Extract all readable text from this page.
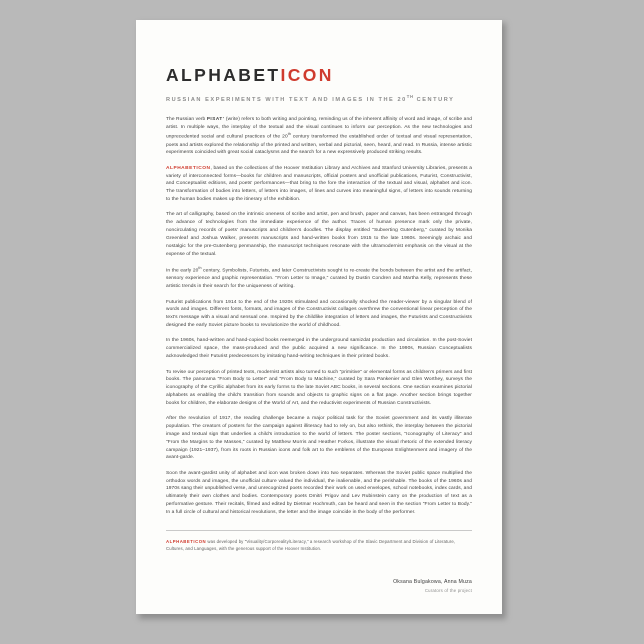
ALPHABETICON
RUSSIAN EXPERIMENTS WITH TEXT AND IMAGES IN THE 20TH CENTURY

The Russian verb PISAT' (write) refers to both writing and pointing, reminding us of the inherent affinity of word and image, of scribe and artist. In multiple ways, the interplay of the textual and the visual continues to inform our perception. As the new technologies and unprecedented social and cultural practices of the 20th century transformed the established order of textual and visual representation, poets and artists explored the relationship of the printed and written, verbal and pictorial, seen, heard, and read. In Russia, intense artistic experiments coincided with great social cataclysms and the search for a new expressively produced striking results.

ALPHABETICON, based on the collections of the Hoover Institution Library and Archives and Stanford University Libraries, presents a variety of interconnected forms—books for children and manuscripts, official posters and unofficial publications, Futurist, Constructivist, and Conceptualist editions, and poets' performances—that bring to the fore the interaction of the textual and visual, alphabet and icon. The transformation of bodies into letters, of letters into images, of lines and curves into meaningful signs, of letters into sounds returning to the human bodies makes up the itinerary of the exhibition.

The art of calligraphy, based on the intrinsic oneness of scribe and artist, pen and brush, paper and canvas, has been estranged through the advance of technologies from the immediate experience of the author. Traces of human presence mark only the private, noncirculating records of poets' manuscripts and children's doodles. The display entitled "Subverting Gutenberg," curated by Monika Greenleaf and Joshua Walker, presents manuscripts and hand-written books from 1915 to the late 1960s. Seemingly archaic and nostalgic for the pre-Gutenberg penmanship, the manuscript techniques resonate with the ultramodernist emphasis on the visual at the expense of the textual.

In the early 20th century, Symbolists, Futurists, and later Constructivists sought to re-create the bonds between the artist and the artifact, sensory experience and graphic representation. "From Letter to Image," curated by Dustin Condren and Martha Kelly, represents these artistic trends in their search for the uniqueness of writing.

Futurist publications from 1914 to the end of the 1920s stimulated and occasionally shocked the reader-viewer by a singular blend of words and images. Different fonts, formats, and images of the Constructivist collages overthrew the conventional linear perception of the text's message with a visual and sensual one. Inspired by the childlike integration of letters and images, the Futurists and Constructivists designed the early Soviet picture books to revolutionize the world of childhood.

In the 1960s, hand-written and hand-copied books reemerged in the underground samizdat production and circulation. In the post-Soviet commercialized space, the mass-produced and the public acquired a new significance. In the 1990s, Russian Conceptualists acknowledged their Futurist predecessors by imitating hand-writing techniques in their printed books.

To revise our perception of printed texts, modernist artists also turned to such "primitive" or elemental forms as children's primers and first books. The panorama "From Body to Letter" and "From Body to Machine," curated by Sara Pankenier and Glen Worthey, surveys the iconography of the Cyrillic alphabet from its early forms to the late Soviet ABC books, in several sections. One section examines pictorial alphabets as enabling the child's transition from sounds and objects to graphic signs on a flat page. Another section brings together books for children, the elaborate designs of the World of Art, and the reductivist experiments of Russian Constructivists.

After the revolution of 1917, the reading challenge became a major political task for the Soviet government and its vastly illiterate population. The creators of posters for the campaign against illiteracy had to rely on, but also rethink, the interplay between the pictorial image and textual sign that underlies a child's introduction to the world of letters. The poster sections, "Iconography of Literacy" and "From the Margins to the Masses," curated by Matthew Morris and Heather Forkos, illustrate the visual rhetoric of the extended literacy campaign (1921–1937), from its roots in Russian icons and folk art to the emblems of the European Enlightenment and imagery of the avant-garde.

Soon the avant-gardist unity of alphabet and icon was broken down into two separates. Whereas the Soviet public space multiplied the orthodox words and images, the unofficial culture valued the individual, the inalienable, and the perishable. The books of the 1960s and 1970s sang their unpublished verse, and unrecognized poets recorded their work on used envelopes, school notebooks, index cards, and ultimately their own clothes and bodies. Contemporary poets Dmitri Prigov and Lev Rubinstein carry on the production of text as a performative gesture. Their recitals, filmed and edited by Dietmar Hochmuth, can be heard and seen in the section "From Letter to Body." In a full circle of cultural and historical revolutions, the letter and the image coincide in the body of the performer.

ALPHABETICON was developed by "Visuality/Corporeality/Literacy," a research workshop of the Slavic Department and Division of Literature, Cultures, and Languages, with the generous support of the Hoover Institution.

Oksana Bulgakowa, Anna Muza
Curators of the project
